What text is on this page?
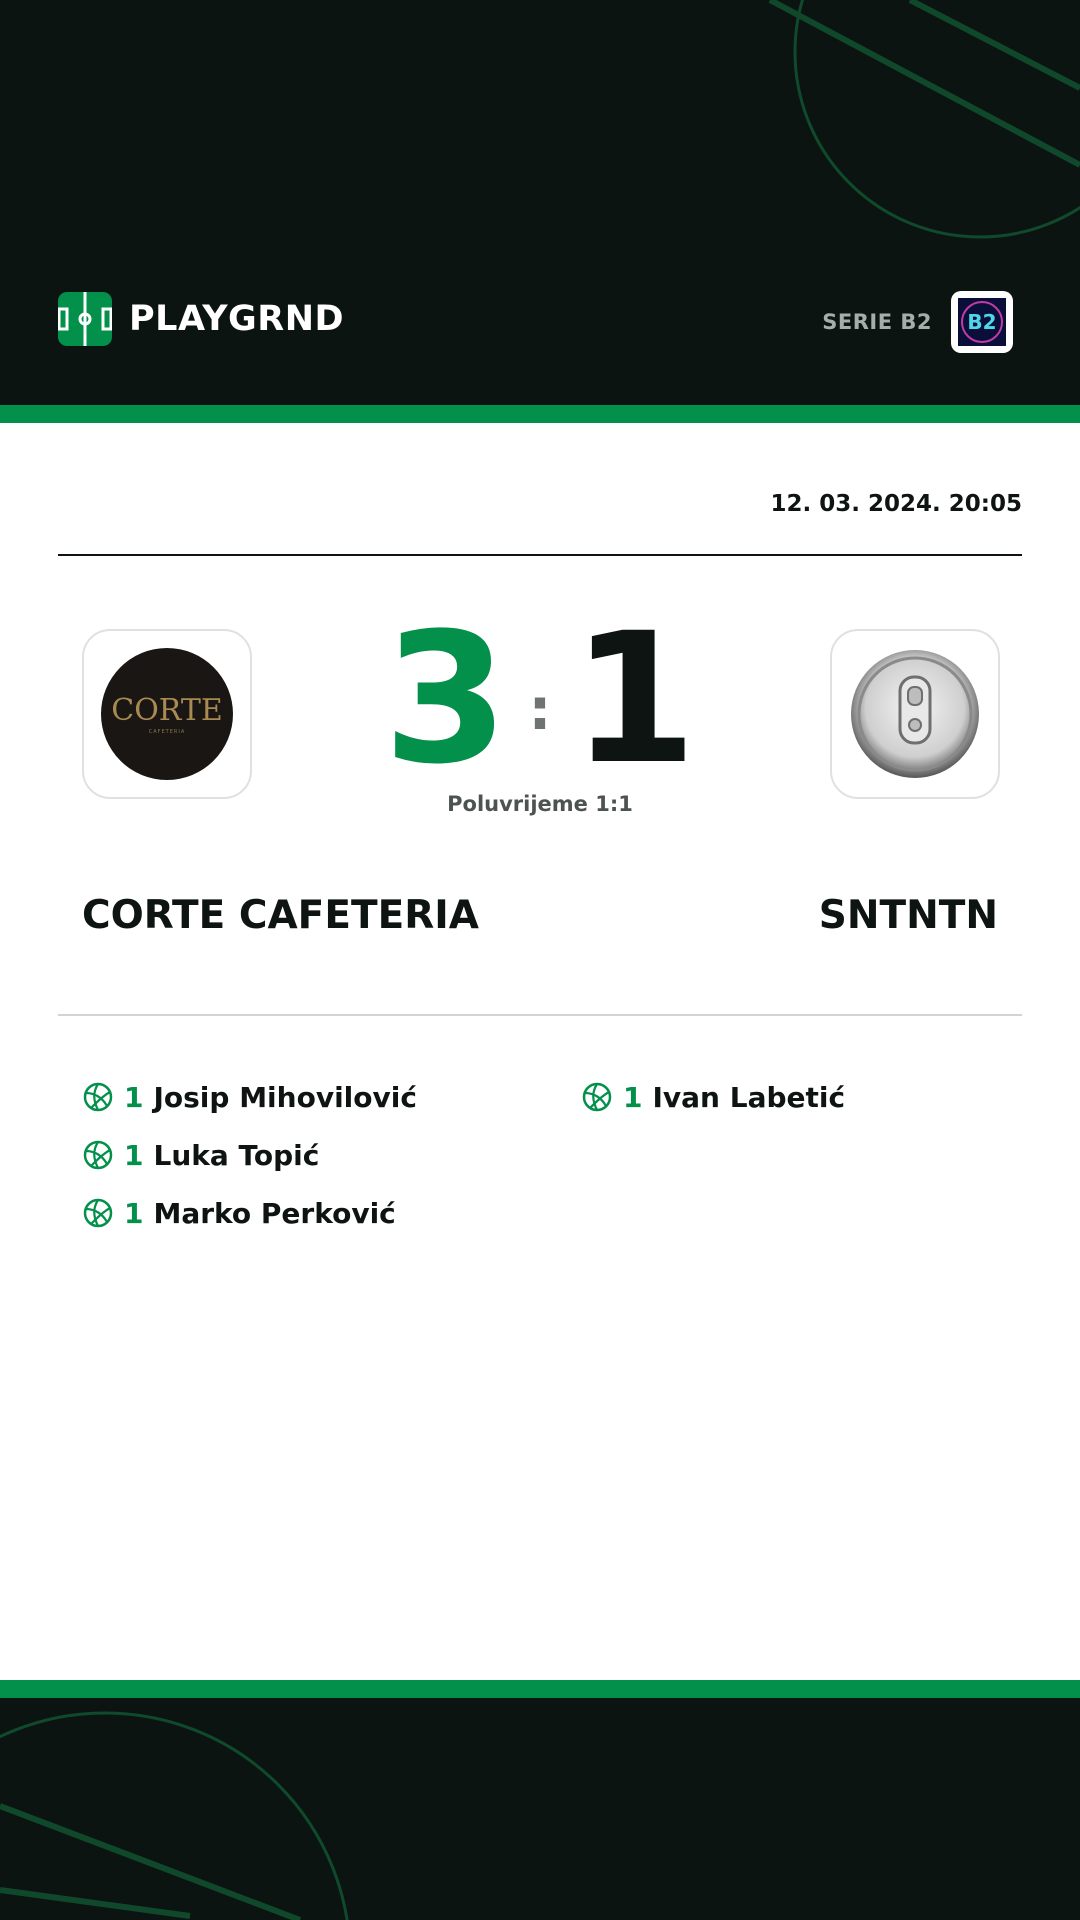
PLAYGRND	SERIE B2 B2
12. 03. 2024. 20:05
CORTE
CAFETERIA	3 : 1
Poluvrijeme 1:1
CORTE CAFETERIA	SNTNTN
1 Josip Mihovilović
1 Luka Topić
1 Marko Perković
1 Ivan Labetić
